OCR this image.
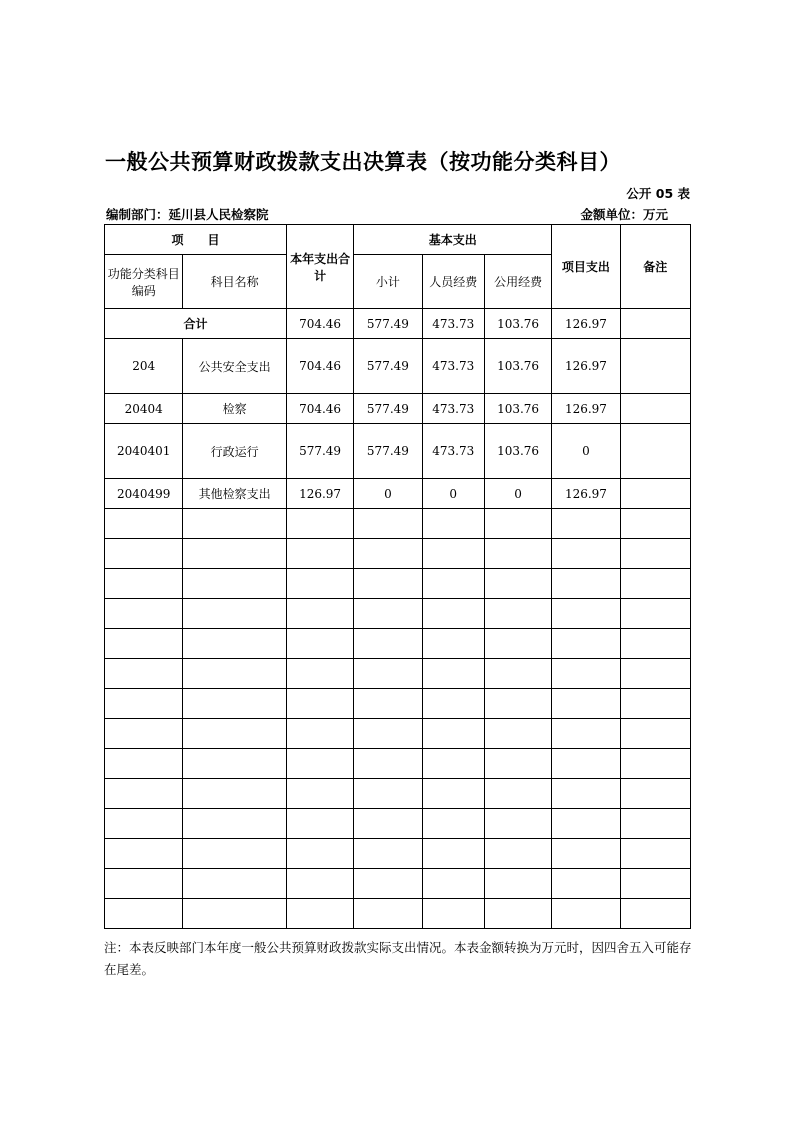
一般公共预算财政拨款支出决算表（按功能分类科目）
公开 05 表
编制部门：延川县人民检察院	金额单位：万元
项　　目		本年支出合计	基本支出			项目支出	备注
功能分类科目编码	科目名称		小计	人员经费	公用经费		
合计		704.46	577.49	473.73	103.76	126.97	
204	公共安全支出	704.46	577.49	473.73	103.76	126.97	
20404	检察	704.46	577.49	473.73	103.76	126.97	
2040401	行政运行	577.49	577.49	473.73	103.76	0	
2040499	其他检察支出	126.97	0	0	0	126.97	

注：本表反映部门本年度一般公共预算财政拨款实际支出情况。本表金额转换为万元时，因四舍五入可能存在尾差。
